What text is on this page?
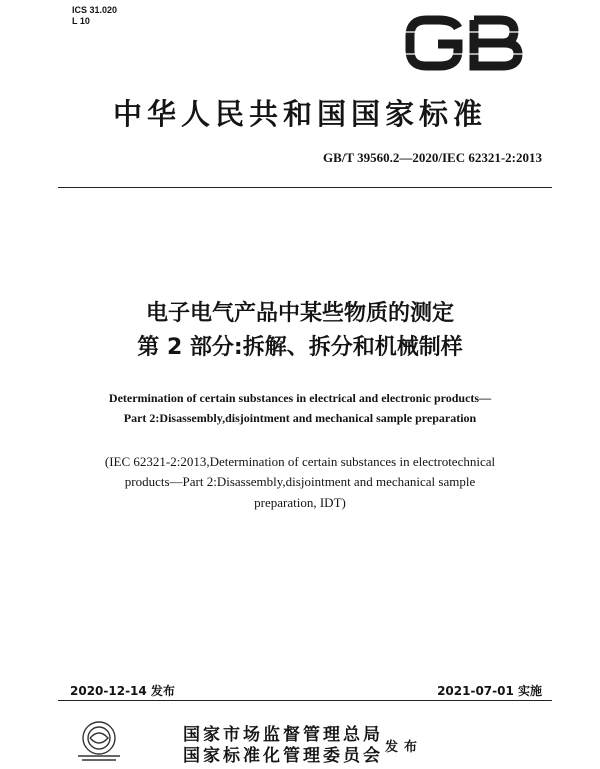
ICS 31.020
L 10
中华人民共和国国家标准
GB/T 39560.2—2020/IEC 62321-2:2013
电子电气产品中某些物质的测定
第 2 部分:拆解、拆分和机械制样
Determination of certain substances in electrical and electronic products—
Part 2:Disassembly,disjointment and mechanical sample preparation
(IEC 62321-2:2013,Determination of certain substances in electrotechnical
products—Part 2:Disassembly,disjointment and mechanical sample
preparation, IDT)
2020-12-14 发布	2021-07-01 实施
国家市场监督管理总局
国家标准化管理委员会 发布
